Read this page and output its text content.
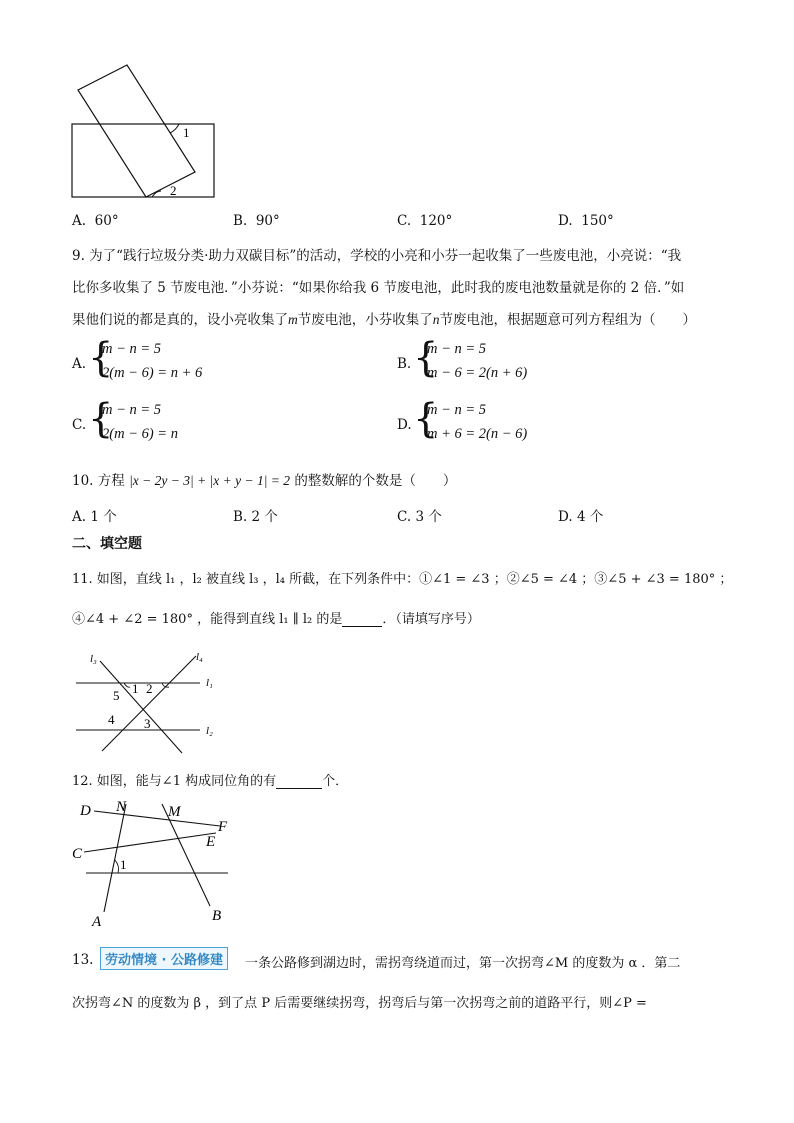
1
2
A. 60°	B. 90°	C. 120°	D. 150°
9. 为了“践行垃圾分类·助力双碳目标”的活动，学校的小亮和小芬一起收集了一些废电池，小亮说：“我
比你多收集了 5 节废电池．”小芬说：“如果你给我 6 节废电池，此时我的废电池数量就是你的 2 倍．”如
果他们说的都是真的，设小亮收集了m节废电池，小芬收集了n节废电池，根据题意可列方程组为（　　）
A. {
m − n = 5
2(m − 6) = n + 6
B. {
m − n = 5
m − 6 = 2(n + 6)
C. {
m − n = 5
2(m − 6) = n
D. {
m − n = 5
m + 6 = 2(n − 6)
10. 方程 |x − 2y − 3| + |x + y − 1| = 2 的整数解的个数是（　　）
A. 1 个	B. 2 个	C. 3 个	D. 4 个
二、填空题
11. 如图，直线 l₁ ，l₂ 被直线 l₃ ，l₄ 所截，在下列条件中：①∠1 = ∠3 ；②∠5 = ∠4 ；③∠5 + ∠3 = 180° ；
④∠4 + ∠2 = 180° ，能得到直线 l₁ ∥ l₂ 的是	．（请填写序号）
l₃	l₄
l₁
l₂
5 1 2
4 3
12. 如图，能与∠1 构成同位角的有	个．
D N	M
F
E
C
1
A	B
13. 劳动情境 · 公路修建	一条公路修到湖边时，需拐弯绕道而过，第一次拐弯∠M 的度数为 α ．第二
次拐弯∠N 的度数为 β ，到了点 P 后需要继续拐弯，拐弯后与第一次拐弯之前的道路平行，则∠P =
